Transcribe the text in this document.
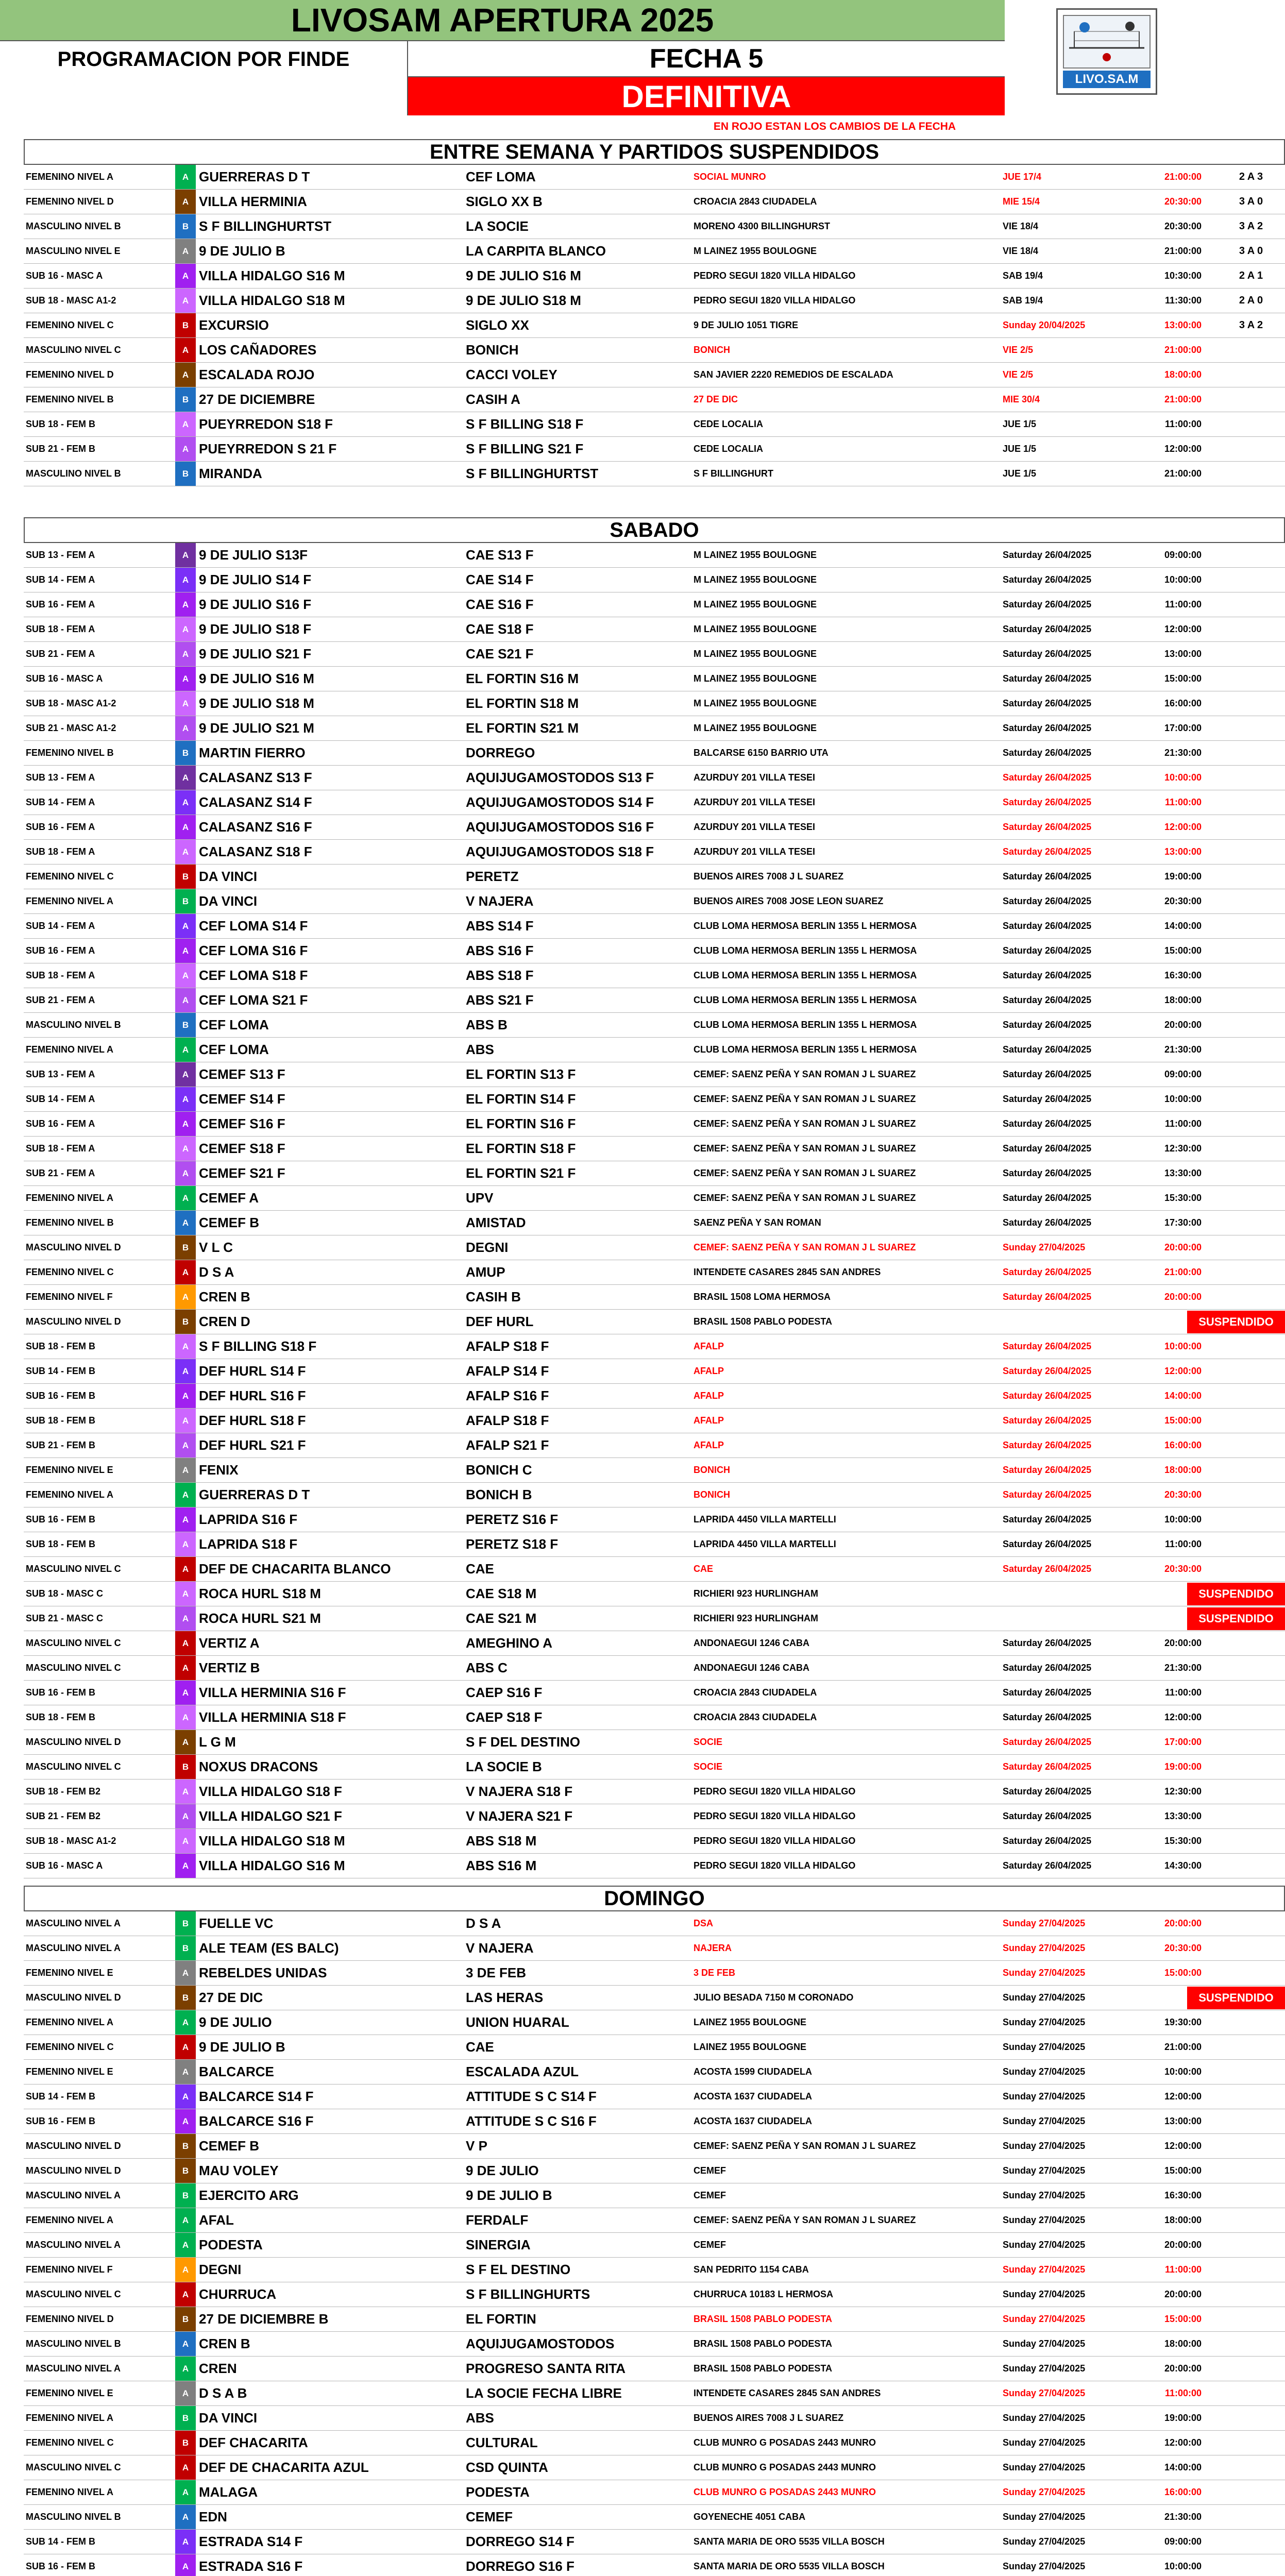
LIVOSAM APERTURA 2025
PROGRAMACION POR FINDE	FECHA 5
DEFINITIVA
EN ROJO ESTAN LOS CAMBIOS DE LA FECHA
LIVO.SA.M
ENTRE SEMANA Y PARTIDOS SUSPENDIDOS
FEMENINO NIVEL A	A GUERRERAS D T	CEF LOMA	SOCIAL MUNRO	JUE 17/4	21:00:00	2 A 3
FEMENINO NIVEL D	A VILLA HERMINIA	SIGLO XX B	CROACIA 2843 CIUDADELA	MIE 15/4	20:30:00	3 A 0
MASCULINO NIVEL B	B S F BILLINGHURTST	LA SOCIE	MORENO 4300 BILLINGHURST	VIE 18/4	20:30:00	3 A 2
MASCULINO NIVEL E	A 9 DE JULIO B	LA CARPITA BLANCO	M LAINEZ 1955 BOULOGNE	VIE 18/4	21:00:00	3 A 0
SUB 16 - MASC A	A VILLA HIDALGO S16 M	9 DE JULIO S16 M	PEDRO SEGUI 1820 VILLA HIDALGO	SAB 19/4	10:30:00	2 A 1
SUB 18 - MASC A1-2	A VILLA HIDALGO S18 M	9 DE JULIO S18 M	PEDRO SEGUI 1820 VILLA HIDALGO	SAB 19/4	11:30:00	2 A 0
FEMENINO NIVEL C	B EXCURSIO	SIGLO XX	9 DE JULIO 1051 TIGRE	Sunday 20/04/2025	13:00:00	3 A 2
MASCULINO NIVEL C	A LOS CAÑADORES	BONICH	BONICH	VIE 2/5	21:00:00
FEMENINO NIVEL D	A ESCALADA ROJO	CACCI VOLEY	SAN JAVIER 2220 REMEDIOS DE ESCALADA	VIE 2/5	18:00:00
FEMENINO NIVEL B	B 27 DE DICIEMBRE	CASIH A	27 DE DIC	MIE 30/4	21:00:00
SUB 18 - FEM B	A PUEYRREDON S18 F	S F BILLING S18 F	CEDE LOCALIA	JUE 1/5	11:00:00
SUB 21 - FEM B	A PUEYRREDON S 21 F	S F BILLING S21 F	CEDE LOCALIA	JUE 1/5	12:00:00
MASCULINO NIVEL B	B MIRANDA	S F BILLINGHURTST	S F BILLINGHURT	JUE 1/5	21:00:00
SABADO
SUB 13 - FEM A	A 9 DE JULIO S13F	CAE S13 F	M LAINEZ 1955 BOULOGNE	Saturday 26/04/2025	09:00:00
SUB 14 - FEM A	A 9 DE JULIO S14 F	CAE S14 F	M LAINEZ 1955 BOULOGNE	Saturday 26/04/2025	10:00:00
SUB 16 - FEM A	A 9 DE JULIO S16 F	CAE S16 F	M LAINEZ 1955 BOULOGNE	Saturday 26/04/2025	11:00:00
SUB 18 - FEM A	A 9 DE JULIO S18 F	CAE S18 F	M LAINEZ 1955 BOULOGNE	Saturday 26/04/2025	12:00:00
SUB 21 - FEM A	A 9 DE JULIO S21 F	CAE S21 F	M LAINEZ 1955 BOULOGNE	Saturday 26/04/2025	13:00:00
SUB 16 - MASC A	A 9 DE JULIO S16 M	EL FORTIN S16 M	M LAINEZ 1955 BOULOGNE	Saturday 26/04/2025	15:00:00
SUB 18 - MASC A1-2	A 9 DE JULIO S18 M	EL FORTIN S18 M	M LAINEZ 1955 BOULOGNE	Saturday 26/04/2025	16:00:00
SUB 21 - MASC A1-2	A 9 DE JULIO S21 M	EL FORTIN S21 M	M LAINEZ 1955 BOULOGNE	Saturday 26/04/2025	17:00:00
FEMENINO NIVEL B	B MARTIN FIERRO	DORREGO	BALCARSE 6150 BARRIO UTA	Saturday 26/04/2025	21:30:00
SUB 13 - FEM A	A CALASANZ S13 F	AQUIJUGAMOSTODOS S13 F	AZURDUY 201 VILLA TESEI	Saturday 26/04/2025	10:00:00
SUB 14 - FEM A	A CALASANZ S14 F	AQUIJUGAMOSTODOS S14 F	AZURDUY 201 VILLA TESEI	Saturday 26/04/2025	11:00:00
SUB 16 - FEM A	A CALASANZ S16 F	AQUIJUGAMOSTODOS S16 F	AZURDUY 201 VILLA TESEI	Saturday 26/04/2025	12:00:00
SUB 18 - FEM A	A CALASANZ S18 F	AQUIJUGAMOSTODOS S18 F	AZURDUY 201 VILLA TESEI	Saturday 26/04/2025	13:00:00
FEMENINO NIVEL C	B DA VINCI	PERETZ	BUENOS AIRES 7008 J L SUAREZ	Saturday 26/04/2025	19:00:00
FEMENINO NIVEL A	B DA VINCI	V NAJERA	BUENOS AIRES 7008 JOSE LEON SUAREZ	Saturday 26/04/2025	20:30:00
SUB 14 - FEM A	A CEF LOMA S14 F	ABS S14 F	CLUB LOMA HERMOSA BERLIN 1355 L HERMOSA	Saturday 26/04/2025	14:00:00
SUB 16 - FEM A	A CEF LOMA S16 F	ABS S16 F	CLUB LOMA HERMOSA BERLIN 1355 L HERMOSA	Saturday 26/04/2025	15:00:00
SUB 18 - FEM A	A CEF LOMA S18 F	ABS S18 F	CLUB LOMA HERMOSA BERLIN 1355 L HERMOSA	Saturday 26/04/2025	16:30:00
SUB 21 - FEM A	A CEF LOMA S21 F	ABS S21 F	CLUB LOMA HERMOSA BERLIN 1355 L HERMOSA	Saturday 26/04/2025	18:00:00
MASCULINO NIVEL B	B CEF LOMA	ABS B	CLUB LOMA HERMOSA BERLIN 1355 L HERMOSA	Saturday 26/04/2025	20:00:00
FEMENINO NIVEL A	A CEF LOMA	ABS	CLUB LOMA HERMOSA BERLIN 1355 L HERMOSA	Saturday 26/04/2025	21:30:00
SUB 13 - FEM A	A CEMEF S13 F	EL FORTIN S13 F	CEMEF: SAENZ PEÑA Y SAN ROMAN J L SUAREZ	Saturday 26/04/2025	09:00:00
SUB 14 - FEM A	A CEMEF S14 F	EL FORTIN S14 F	CEMEF: SAENZ PEÑA Y SAN ROMAN J L SUAREZ	Saturday 26/04/2025	10:00:00
SUB 16 - FEM A	A CEMEF S16 F	EL FORTIN S16 F	CEMEF: SAENZ PEÑA Y SAN ROMAN J L SUAREZ	Saturday 26/04/2025	11:00:00
SUB 18 - FEM A	A CEMEF S18 F	EL FORTIN S18 F	CEMEF: SAENZ PEÑA Y SAN ROMAN J L SUAREZ	Saturday 26/04/2025	12:30:00
SUB 21 - FEM A	A CEMEF S21 F	EL FORTIN S21 F	CEMEF: SAENZ PEÑA Y SAN ROMAN J L SUAREZ	Saturday 26/04/2025	13:30:00
FEMENINO NIVEL A	A CEMEF A	UPV	CEMEF: SAENZ PEÑA Y SAN ROMAN J L SUAREZ	Saturday 26/04/2025	15:30:00
FEMENINO NIVEL B	A CEMEF B	AMISTAD	SAENZ PEÑA Y SAN ROMAN	Saturday 26/04/2025	17:30:00
MASCULINO NIVEL D	B V L C	DEGNI	CEMEF: SAENZ PEÑA Y SAN ROMAN J L SUAREZ	Sunday 27/04/2025	20:00:00
FEMENINO NIVEL C	A D S A	AMUP	INTENDETE CASARES 2845 SAN ANDRES	Saturday 26/04/2025	21:00:00
FEMENINO NIVEL F	A CREN B	CASIH B	BRASIL 1508 LOMA HERMOSA	Saturday 26/04/2025	20:00:00
MASCULINO NIVEL D	B CREN D	DEF HURL	BRASIL 1508 PABLO PODESTA	SUSPENDIDO
SUB 18 - FEM B	A S F BILLING S18 F	AFALP S18 F	AFALP	Saturday 26/04/2025	10:00:00
SUB 14 - FEM B	A DEF HURL S14 F	AFALP S14 F	AFALP	Saturday 26/04/2025	12:00:00
SUB 16 - FEM B	A DEF HURL S16 F	AFALP S16 F	AFALP	Saturday 26/04/2025	14:00:00
SUB 18 - FEM B	A DEF HURL S18 F	AFALP S18 F	AFALP	Saturday 26/04/2025	15:00:00
SUB 21 - FEM B	A DEF HURL S21 F	AFALP S21 F	AFALP	Saturday 26/04/2025	16:00:00
FEMENINO NIVEL E	A FENIX	BONICH C	BONICH	Saturday 26/04/2025	18:00:00
FEMENINO NIVEL A	A GUERRERAS D T	BONICH B	BONICH	Saturday 26/04/2025	20:30:00
SUB 16 - FEM B	A LAPRIDA S16 F	PERETZ S16 F	LAPRIDA 4450 VILLA MARTELLI	Saturday 26/04/2025	10:00:00
SUB 18 - FEM B	A LAPRIDA S18 F	PERETZ S18 F	LAPRIDA 4450 VILLA MARTELLI	Saturday 26/04/2025	11:00:00
MASCULINO NIVEL C	A DEF DE CHACARITA BLANCO	CAE	CAE	Saturday 26/04/2025	20:30:00
SUB 18 - MASC C	A ROCA HURL S18 M	CAE S18 M	RICHIERI 923 HURLINGHAM	SUSPENDIDO
SUB 21 - MASC C	A ROCA HURL S21 M	CAE S21 M	RICHIERI 923 HURLINGHAM	SUSPENDIDO
MASCULINO NIVEL C	A VERTIZ A	AMEGHINO A	ANDONAEGUI 1246 CABA	Saturday 26/04/2025	20:00:00
MASCULINO NIVEL C	A VERTIZ B	ABS C	ANDONAEGUI 1246 CABA	Saturday 26/04/2025	21:30:00
SUB 16 - FEM B	A VILLA HERMINIA S16 F	CAEP S16 F	CROACIA 2843 CIUDADELA	Saturday 26/04/2025	11:00:00
SUB 18 - FEM B	A VILLA HERMINIA S18 F	CAEP S18 F	CROACIA 2843 CIUDADELA	Saturday 26/04/2025	12:00:00
MASCULINO NIVEL D	A L G M	S F DEL DESTINO	SOCIE	Saturday 26/04/2025	17:00:00
MASCULINO NIVEL C	B NOXUS DRACONS	LA SOCIE B	SOCIE	Saturday 26/04/2025	19:00:00
SUB 18 - FEM B2	A VILLA HIDALGO S18 F	V NAJERA S18 F	PEDRO SEGUI 1820 VILLA HIDALGO	Saturday 26/04/2025	12:30:00
SUB 21 - FEM B2	A VILLA HIDALGO S21 F	V NAJERA S21 F	PEDRO SEGUI 1820 VILLA HIDALGO	Saturday 26/04/2025	13:30:00
SUB 18 - MASC A1-2	A VILLA HIDALGO S18 M	ABS S18 M	PEDRO SEGUI 1820 VILLA HIDALGO	Saturday 26/04/2025	15:30:00
SUB 16 - MASC A	A VILLA HIDALGO S16 M	ABS S16 M	PEDRO SEGUI 1820 VILLA HIDALGO	Saturday 26/04/2025	14:30:00
DOMINGO
MASCULINO NIVEL A	B FUELLE VC	D S A	DSA	Sunday 27/04/2025	20:00:00
MASCULINO NIVEL A	B ALE TEAM (ES BALC)	V NAJERA	NAJERA	Sunday 27/04/2025	20:30:00
FEMENINO NIVEL E	A REBELDES UNIDAS	3 DE FEB	3 DE FEB	Sunday 27/04/2025	15:00:00
MASCULINO NIVEL D	B 27 DE DIC	LAS HERAS	JULIO BESADA 7150 M CORONADO	Sunday 27/04/2025	SUSPENDIDO
FEMENINO NIVEL A	A 9 DE JULIO	UNION HUARAL	LAINEZ 1955 BOULOGNE	Sunday 27/04/2025	19:30:00
FEMENINO NIVEL C	A 9 DE JULIO B	CAE	LAINEZ 1955 BOULOGNE	Sunday 27/04/2025	21:00:00
FEMENINO NIVEL E	A BALCARCE	ESCALADA AZUL	ACOSTA 1599 CIUDADELA	Sunday 27/04/2025	10:00:00
SUB 14 - FEM B	A BALCARCE S14 F	ATTITUDE S C S14 F	ACOSTA 1637 CIUDADELA	Sunday 27/04/2025	12:00:00
SUB 16 - FEM B	A BALCARCE S16 F	ATTITUDE S C S16 F	ACOSTA 1637 CIUDADELA	Sunday 27/04/2025	13:00:00
MASCULINO NIVEL D	B CEMEF B	V P	CEMEF: SAENZ PEÑA Y SAN ROMAN J L SUAREZ	Sunday 27/04/2025	12:00:00
MASCULINO NIVEL D	B MAU VOLEY	9 DE JULIO	CEMEF	Sunday 27/04/2025	15:00:00
MASCULINO NIVEL A	B EJERCITO ARG	9 DE JULIO B	CEMEF	Sunday 27/04/2025	16:30:00
FEMENINO NIVEL A	A AFAL	FERDALF	CEMEF: SAENZ PEÑA Y SAN ROMAN J L SUAREZ	Sunday 27/04/2025	18:00:00
MASCULINO NIVEL A	A PODESTA	SINERGIA	CEMEF	Sunday 27/04/2025	20:00:00
FEMENINO NIVEL F	A DEGNI	S F EL DESTINO	SAN PEDRITO 1154 CABA	Sunday 27/04/2025	11:00:00
MASCULINO NIVEL C	A CHURRUCA	S F BILLINGHURTS	CHURRUCA 10183 L HERMOSA	Sunday 27/04/2025	20:00:00
FEMENINO NIVEL D	B 27 DE DICIEMBRE B	EL FORTIN	BRASIL 1508 PABLO PODESTA	Sunday 27/04/2025	15:00:00
MASCULINO NIVEL B	A CREN B	AQUIJUGAMOSTODOS	BRASIL 1508 PABLO PODESTA	Sunday 27/04/2025	18:00:00
MASCULINO NIVEL A	A CREN	PROGRESO SANTA RITA	BRASIL 1508 PABLO PODESTA	Sunday 27/04/2025	20:00:00
FEMENINO NIVEL E	A D S A B	LA SOCIE FECHA LIBRE	INTENDETE CASARES 2845 SAN ANDRES	Sunday 27/04/2025	11:00:00
FEMENINO NIVEL A	B DA VINCI	ABS	BUENOS AIRES 7008 J L SUAREZ	Sunday 27/04/2025	19:00:00
FEMENINO NIVEL C	B DEF CHACARITA	CULTURAL	CLUB MUNRO G POSADAS 2443 MUNRO	Sunday 27/04/2025	12:00:00
MASCULINO NIVEL C	A DEF DE CHACARITA AZUL	CSD QUINTA	CLUB MUNRO G POSADAS 2443 MUNRO	Sunday 27/04/2025	14:00:00
FEMENINO NIVEL A	A MALAGA	PODESTA	CLUB MUNRO G POSADAS 2443 MUNRO	Sunday 27/04/2025	16:00:00
MASCULINO NIVEL B	A EDN	CEMEF	GOYENECHE 4051 CABA	Sunday 27/04/2025	21:30:00
SUB 14 - FEM B	A ESTRADA S14 F	DORREGO S14 F	SANTA MARIA DE ORO 5535 VILLA BOSCH	Sunday 27/04/2025	09:00:00
SUB 16 - FEM B	A ESTRADA S16 F	DORREGO S16 F	SANTA MARIA DE ORO 5535 VILLA BOSCH	Sunday 27/04/2025	10:00:00
